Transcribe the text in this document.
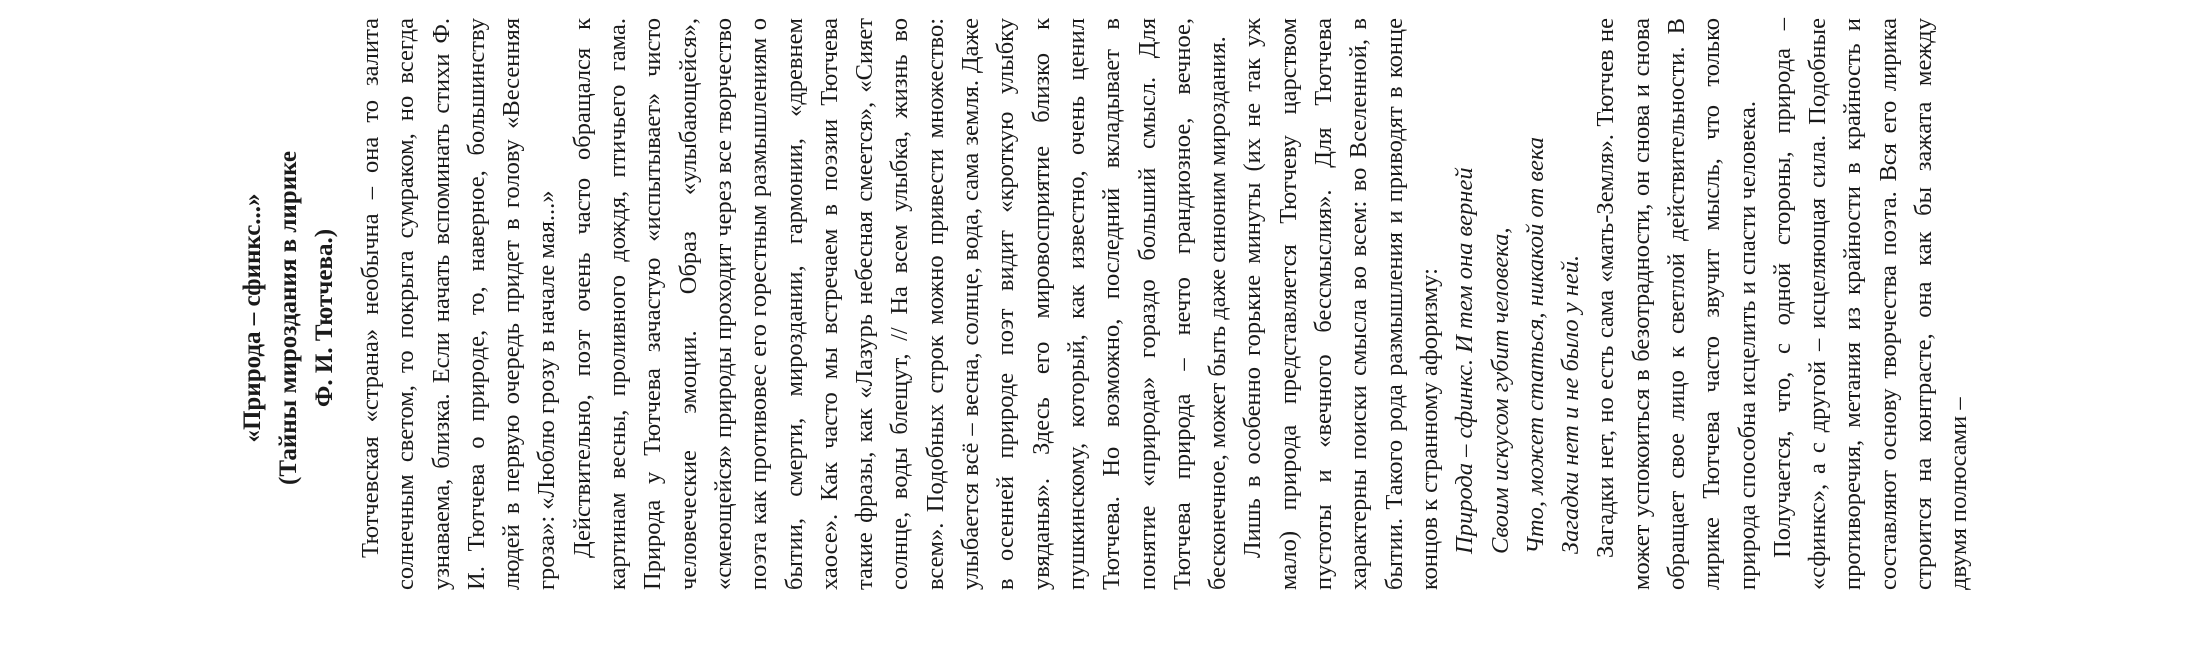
«Природа – сфинкс...» (Тайны мироздания в лирике Ф. И. Тютчева.) Тютчевская «страна» необычна – она то залита солнечным светом, то покрыта сумраком, но всегда узнаваема, близка. Если начать вспоминать стихи Ф. И. Тютчева о природе, то, наверное, большинству людей в первую очередь придет в голову «Весенняя гроза»: «Люблю грозу в начале мая...» Действительно, поэт очень часто обращался к картинам весны, проливного дождя, птичьего гама. Природа у Тютчева зачастую «испытывает» чисто человеческие эмоции. Образ «улыбающейся», «смеющейся» природы проходит через все творчество поэта как противовес его горестным размышлениям о бытии, смерти, мироздании, гармонии, «древнем хаосе». Как часто мы встречаем в поэзии Тютчева такие фразы, как «Лазурь небесная смеется», «Сияет солнце, воды блещут, // На всем улыбка, жизнь во всем». Подобных строк можно привести множество: улыбается всё – весна, солнце, вода, сама земля. Даже в осенней природе поэт видит «кроткую улыбку увяданья». Здесь его мировосприятие близко к пушкинскому, который, как известно, очень ценил Тютчева. Но возможно, последний вкладывает в понятие «природа» гораздо больший смысл. Для Тютчева природа – нечто грандиозное, вечное, бесконечное, может быть даже синоним мироздания. Лишь в особенно горькие минуты (их не так уж мало) природа представляется Тютчеву царством пустоты и «вечного бессмыслия». Для Тютчева характерны поиски смысла во всем: во Вселенной, в бытии. Такого рода размышления и приводят в конце концов к странному афоризму: Природа – сфинкс. И тем она верней Своим искусом губит человека, Что, может статься, никакой от века Загадки нет и не было у ней. Загадки нет, но есть сама «мать-Земля». Тютчев не может успокоиться в безотрадности, он снова и снова обращает свое лицо к светлой действительности. В лирике Тютчева часто звучит мысль, что только природа способна исцелить и спасти человека. Получается, что, с одной стороны, природа – «сфинкс», а с другой – исцеляющая сила. Подобные противоречия, метания из крайности в крайность и составляют основу творчества поэта. Вся его лирика строится на контрасте, она как бы зажата между двумя полюсами –
